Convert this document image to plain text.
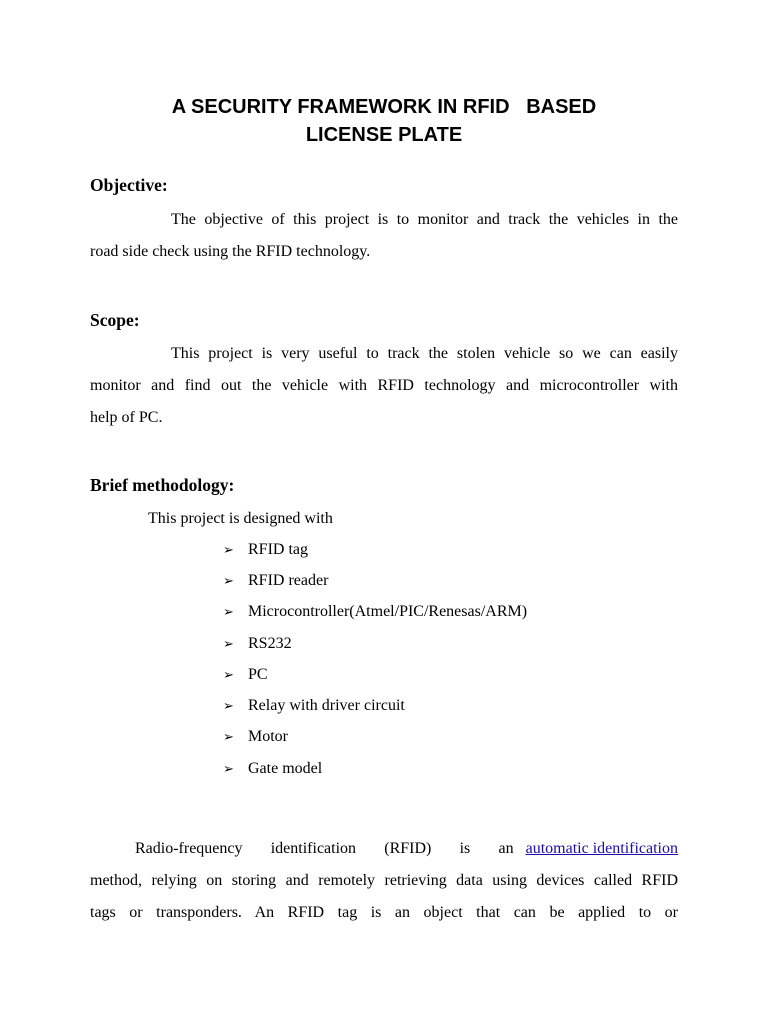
A SECURITY FRAMEWORK IN RFID   BASED
LICENSE PLATE
Objective:
The objective of this project is to monitor and track the vehicles in the
road side check using the RFID technology.
Scope:
This project is very useful to track the stolen vehicle so we can easily
monitor and find out the vehicle with RFID technology and microcontroller with
help of PC.
Brief methodology:
This project is designed with
➢ RFID tag
➢ RFID reader
➢ Microcontroller(Atmel/PIC/Renesas/ARM)
➢ RS232
➢ PC
➢ Relay with driver circuit
➢ Motor
➢ Gate model
Radio-frequency identification (RFID) is an automatic identification
method, relying on storing and remotely retrieving data using devices called RFID
tags or transponders. An RFID tag is an object that can be applied to or
